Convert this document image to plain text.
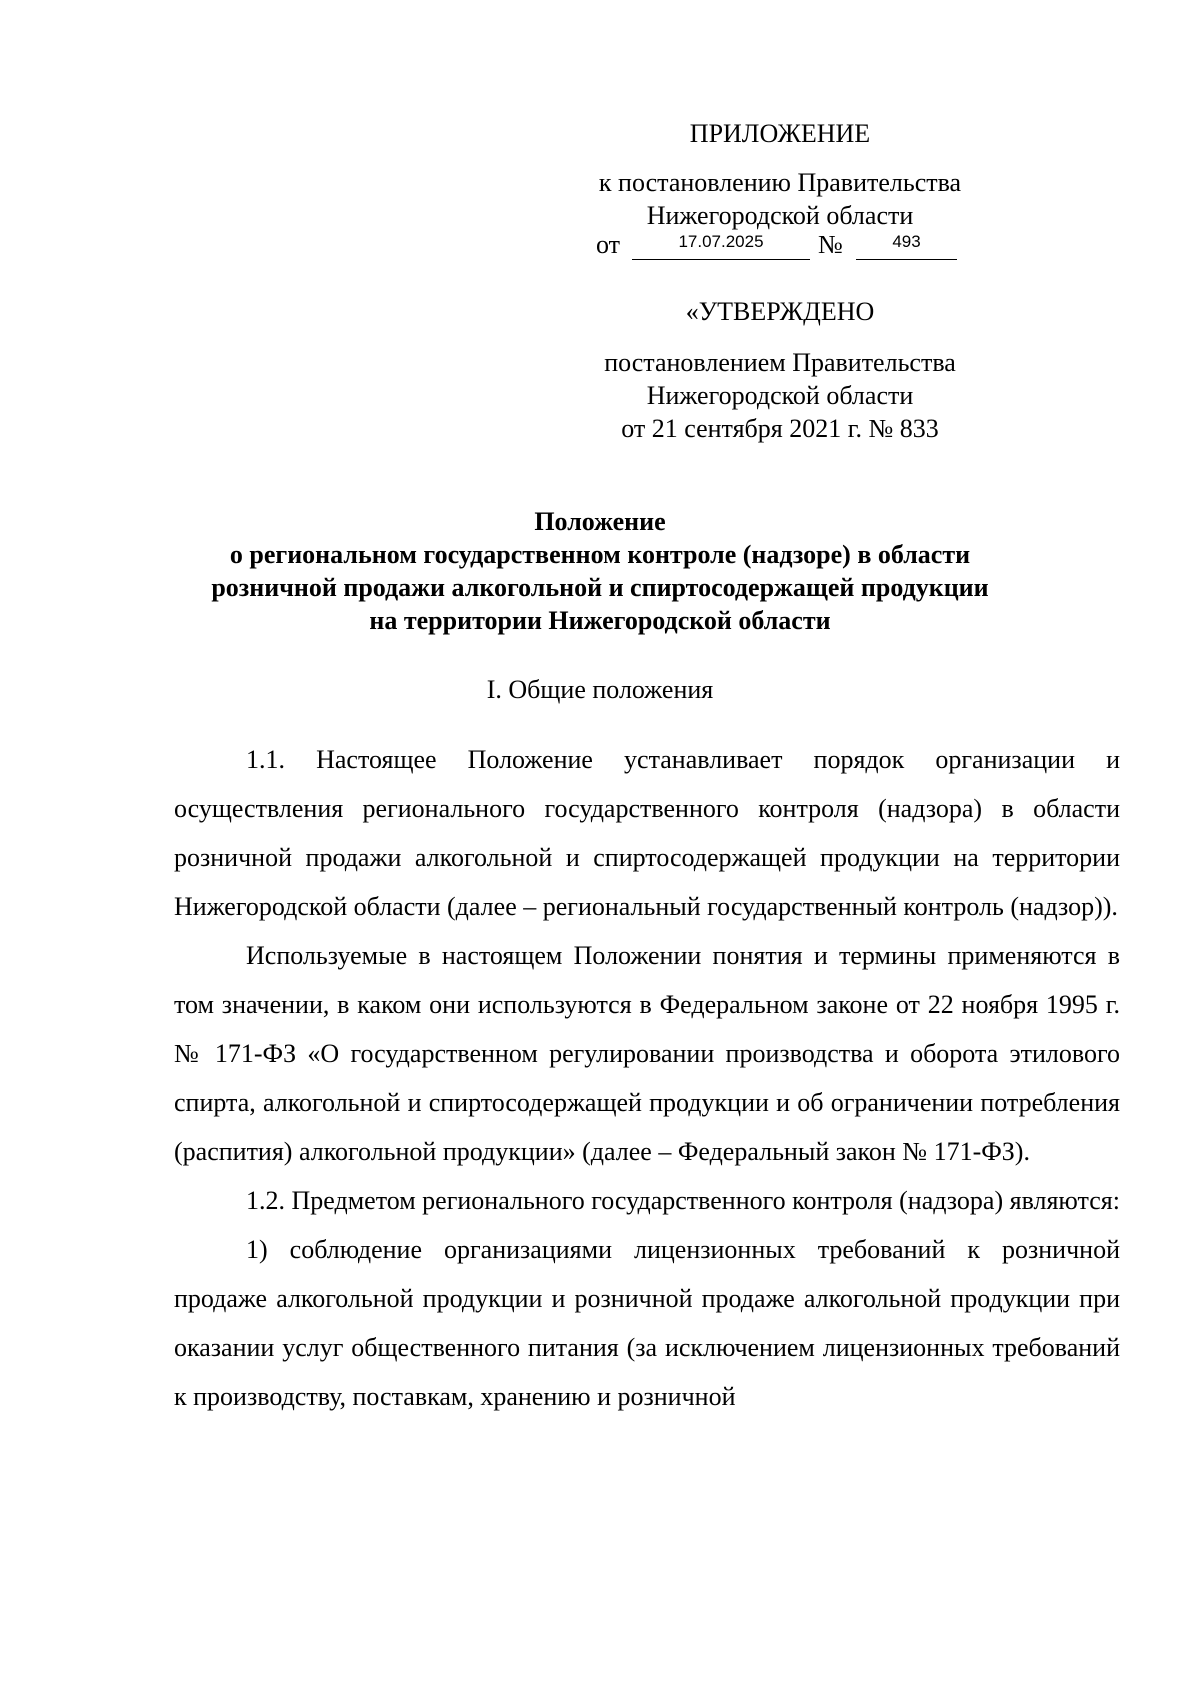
ПРИЛОЖЕНИЕ
к постановлению Правительства
Нижегородской области
от	17.07.2025	№	493
«УТВЕРЖДЕНО
постановлением Правительства
Нижегородской области
от 21 сентября 2021 г. № 833
Положение
о региональном государственном контроле (надзоре) в области
розничной продажи алкогольной и спиртосодержащей продукции
на территории Нижегородской области
I. Общие положения

1.1. Настоящее Положение устанавливает порядок организации и осуществления регионального государственного контроля (надзора) в области розничной продажи алкогольной и спиртосодержащей продукции на территории Нижегородской области (далее – региональный государственный контроль (надзор)).

Используемые в настоящем Положении понятия и термины применяются в том значении, в каком они используются в Федеральном законе от 22 ноября 1995 г. № 171-ФЗ «О государственном регулировании производства и оборота этилового спирта, алкогольной и спиртосодержащей продукции и об ограничении потребления (распития) алкогольной продукции» (далее – Федеральный закон № 171-ФЗ).

1.2. Предметом регионального государственного контроля (надзора) являются:

1) соблюдение организациями лицензионных требований к розничной продаже алкогольной продукции и розничной продаже алкогольной продукции при оказании услуг общественного питания (за исключением лицензионных требований к производству, поставкам, хранению и розничной
